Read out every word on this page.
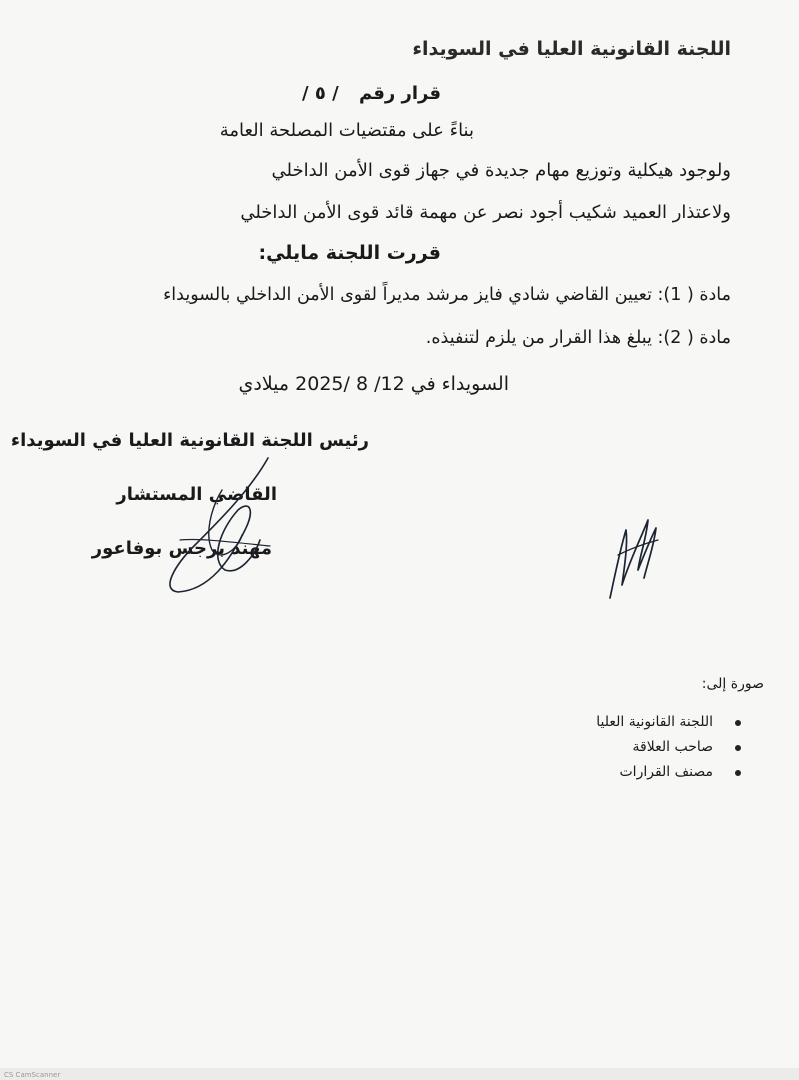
اللجنة القانونية العليا في السويداء
قرار رقم / ٥ /
بناءً على مقتضيات المصلحة العامة
ولوجود هيكلية وتوزيع مهام جديدة في جهاز قوى الأمن الداخلي
ولاعتذار العميد شكيب أجود نصر عن مهمة قائد قوى الأمن الداخلي
قررت اللجنة مايلي:
مادة ( 1): تعيين القاضي شادي فايز مرشد مديراً لقوى الأمن الداخلي بالسويداء
مادة ( 2): يبلغ هذا القرار من يلزم لتنفيذه.
السويداء في 12/ 8 /2025 ميلادي
رئيس اللجنة القانونية العليا في السويداء
القاضي المستشار
مهند برجس بوفاعور
صورة إلى:
اللجنة القانونية العليا
صاحب العلاقة
مصنف القرارات
CS CamScanner
